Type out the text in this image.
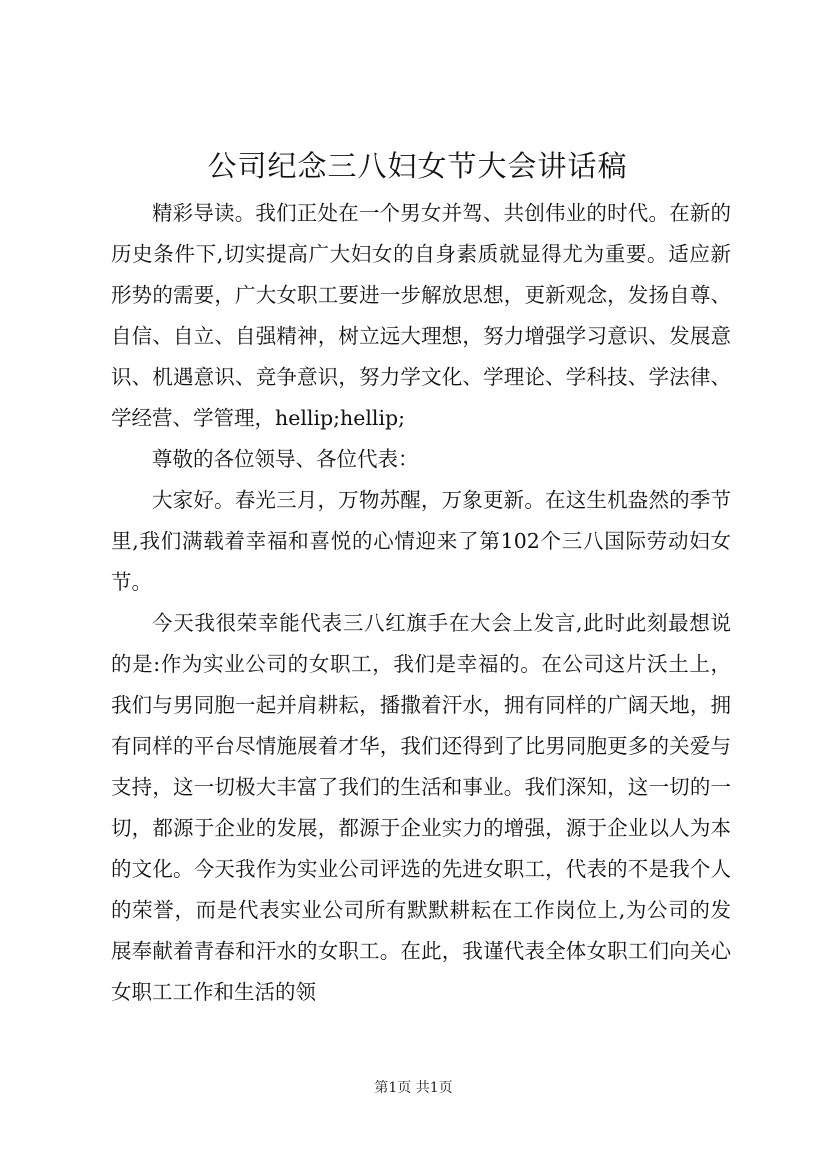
公司纪念三八妇女节大会讲话稿

精彩导读。我们正处在一个男女并驾、共创伟业的时代。在新的历史条件下,切实提高广大妇女的自身素质就显得尤为重要。适应新形势的需要，广大女职工要进一步解放思想，更新观念，发扬自尊、自信、自立、自强精神，树立远大理想，努力增强学习意识、发展意识、机遇意识、竞争意识，努力学文化、学理论、学科技、学法律、学经营、学管理，hellip;hellip;

尊敬的各位领导、各位代表：

大家好。春光三月，万物苏醒，万象更新。在这生机盎然的季节里,我们满载着幸福和喜悦的心情迎来了第102个三八国际劳动妇女节。

今天我很荣幸能代表三八红旗手在大会上发言,此时此刻最想说的是:作为实业公司的女职工，我们是幸福的。在公司这片沃土上，我们与男同胞一起并肩耕耘，播撒着汗水，拥有同样的广阔天地，拥有同样的平台尽情施展着才华，我们还得到了比男同胞更多的关爱与支持，这一切极大丰富了我们的生活和事业。我们深知，这一切的一切，都源于企业的发展，都源于企业实力的增强，源于企业以人为本的文化。今天我作为实业公司评选的先进女职工，代表的不是我个人的荣誉，而是代表实业公司所有默默耕耘在工作岗位上,为公司的发展奉献着青春和汗水的女职工。在此，我谨代表全体女职工们向关心女职工工作和生活的领

第1页 共1页
